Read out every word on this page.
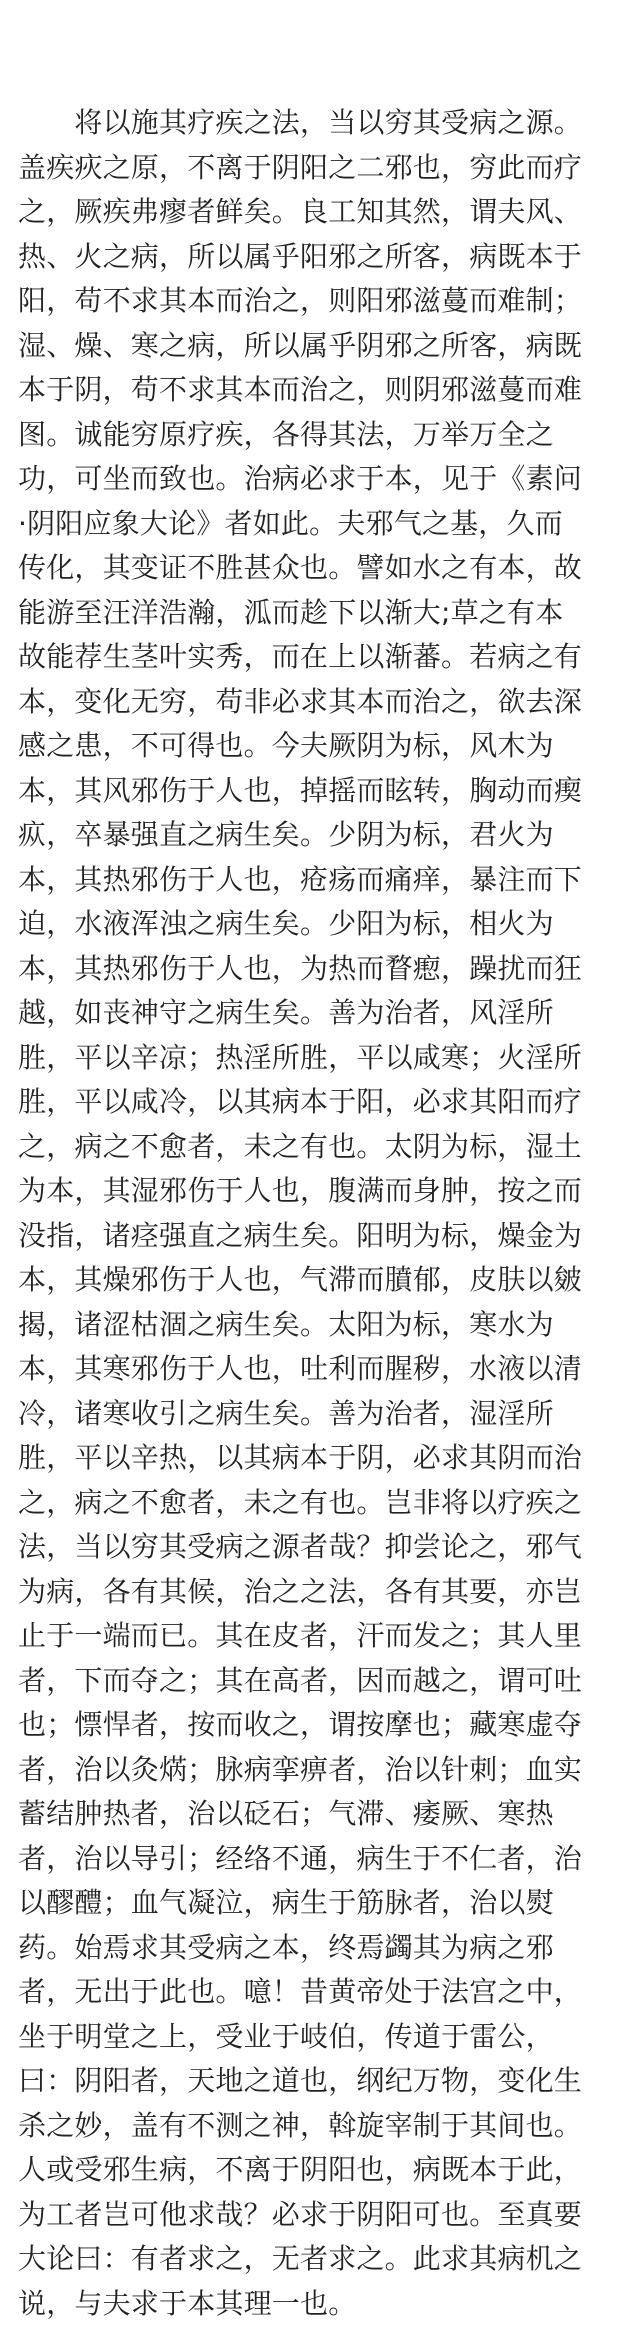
　　将以施其疗疾之法，当以穷其受病之源。
盖疾疢之原，不离于阴阳之二邪也，穷此而疗
之，厥疾弗瘳者鲜矣。良工知其然，谓夫风、
热、火之病，所以属乎阳邪之所客，病既本于
阳，苟不求其本而治之，则阳邪滋蔓而难制；
湿、燥、寒之病，所以属乎阴邪之所客，病既
本于阴，苟不求其本而治之，则阴邪滋蔓而难
图。诚能穷原疗疾，各得其法，万举万全之
功，可坐而致也。治病必求于本，见于《素问
·阴阳应象大论》者如此。夫邪气之基，久而
传化，其变证不胜甚众也。譬如水之有本，故
能游至汪洋浩瀚，泒而趁下以渐大;草之有本
故能荐生茎叶实秀，而在上以渐蕃。若病之有
本，变化无穷，苟非必求其本而治之，欲去深
感之患，不可得也。今夫厥阴为标，风木为
本，其风邪伤于人也，掉摇而眩转，胸动而瘈
疭，卒暴强直之病生矣。少阴为标，君火为
本，其热邪伤于人也，疮疡而痛痒，暴注而下
迫，水液浑浊之病生矣。少阳为标，相火为
本，其热邪伤于人也，为热而瞀瘛，躁扰而狂
越，如丧神守之病生矣。善为治者，风淫所
胜，平以辛凉；热淫所胜，平以咸寒；火淫所
胜，平以咸冷，以其病本于阳，必求其阳而疗
之，病之不愈者，未之有也。太阴为标，湿土
为本，其湿邪伤于人也，腹满而身肿，按之而
没指，诸痉强直之病生矣。阳明为标，燥金为
本，其燥邪伤于人也，气滞而膹郁，皮肤以皴
揭，诸涩枯涸之病生矣。太阳为标，寒水为
本，其寒邪伤于人也，吐利而腥秽，水液以清
冷，诸寒收引之病生矣。善为治者，湿淫所
胜，平以辛热，以其病本于阴，必求其阴而治
之，病之不愈者，未之有也。岂非将以疗疾之
法，当以穷其受病之源者哉？抑尝论之，邪气
为病，各有其候，治之之法，各有其要，亦岂
止于一端而已。其在皮者，汗而发之；其人里
者，下而夺之；其在高者，因而越之，谓可吐
也；慓悍者，按而收之，谓按摩也；藏寒虚夺
者，治以灸焫；脉病挛痹者，治以针刺；血实
蓄结肿热者，治以砭石；气滞、痿厥、寒热
者，治以导引；经络不通，病生于不仁者，治
以醪醴；血气凝泣，病生于筋脉者，治以熨
药。始焉求其受病之本，终焉蠲其为病之邪
者，无出于此也。噫！昔黄帝处于法宫之中，
坐于明堂之上，受业于岐伯，传道于雷公，
曰：阴阳者，天地之道也，纲纪万物，变化生
杀之妙，盖有不测之神，斡旋宰制于其间也。
人或受邪生病，不离于阴阳也，病既本于此，
为工者岂可他求哉？必求于阴阳可也。至真要
大论曰：有者求之，无者求之。此求其病机之
说，与夫求于本其理一也。
